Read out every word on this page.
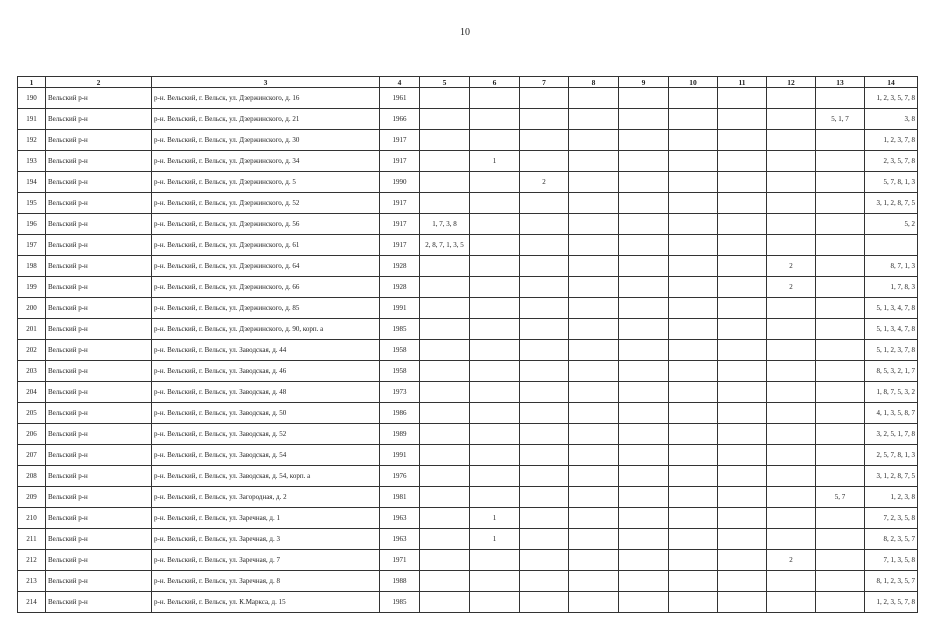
10
1	2	3	4	5	6	7	8	9	10	11	12	13	14
190	Вельский р-н	р-н. Вельский, г. Вельск, ул. Дзержинского, д. 16	1961										1, 2, 3, 5, 7, 8
191	Вельский р-н	р-н. Вельский, г. Вельск, ул. Дзержинского, д. 21	1966									5, 1, 7	3, 8
192	Вельский р-н	р-н. Вельский, г. Вельск, ул. Дзержинского, д. 30	1917										1, 2, 3, 7, 8
193	Вельский р-н	р-н. Вельский, г. Вельск, ул. Дзержинского, д. 34	1917		1								2, 3, 5, 7, 8
194	Вельский р-н	р-н. Вельский, г. Вельск, ул. Дзержинского, д. 5	1990			2							5, 7, 8, 1, 3
195	Вельский р-н	р-н. Вельский, г. Вельск, ул. Дзержинского, д. 52	1917										3, 1, 2, 8, 7, 5
196	Вельский р-н	р-н. Вельский, г. Вельск, ул. Дзержинского, д. 56	1917	1, 7, 3, 8									5, 2
197	Вельский р-н	р-н. Вельский, г. Вельск, ул. Дзержинского, д. 61	1917	2, 8, 7, 1, 3, 5									
198	Вельский р-н	р-н. Вельский, г. Вельск, ул. Дзержинского, д. 64	1928								2		8, 7, 1, 3
199	Вельский р-н	р-н. Вельский, г. Вельск, ул. Дзержинского, д. 66	1928								2		1, 7, 8, 3
200	Вельский р-н	р-н. Вельский, г. Вельск, ул. Дзержинского, д. 85	1991										5, 1, 3, 4, 7, 8
201	Вельский р-н	р-н. Вельский, г. Вельск, ул. Дзержинского, д. 90, корп. а	1985										5, 1, 3, 4, 7, 8
202	Вельский р-н	р-н. Вельский, г. Вельск, ул. Заводская, д. 44	1958										5, 1, 2, 3, 7, 8
203	Вельский р-н	р-н. Вельский, г. Вельск, ул. Заводская, д. 46	1958										8, 5, 3, 2, 1, 7
204	Вельский р-н	р-н. Вельский, г. Вельск, ул. Заводская, д. 48	1973										1, 8, 7, 5, 3, 2
205	Вельский р-н	р-н. Вельский, г. Вельск, ул. Заводская, д. 50	1986										4, 1, 3, 5, 8, 7
206	Вельский р-н	р-н. Вельский, г. Вельск, ул. Заводская, д. 52	1989										3, 2, 5, 1, 7, 8
207	Вельский р-н	р-н. Вельский, г. Вельск, ул. Заводская, д. 54	1991										2, 5, 7, 8, 1, 3
208	Вельский р-н	р-н. Вельский, г. Вельск, ул. Заводская, д. 54, корп. а	1976										3, 1, 2, 8, 7, 5
209	Вельский р-н	р-н. Вельский, г. Вельск, ул. Загородная, д. 2	1981									5, 7	1, 2, 3, 8
210	Вельский р-н	р-н. Вельский, г. Вельск, ул. Заречная, д. 1	1963		1								7, 2, 3, 5, 8
211	Вельский р-н	р-н. Вельский, г. Вельск, ул. Заречная, д. 3	1963		1								8, 2, 3, 5, 7
212	Вельский р-н	р-н. Вельский, г. Вельск, ул. Заречная, д. 7	1971								2		7, 1, 3, 5, 8
213	Вельский р-н	р-н. Вельский, г. Вельск, ул. Заречная, д. 8	1988										8, 1, 2, 3, 5, 7
214	Вельский р-н	р-н. Вельский, г. Вельск, ул. К.Маркса, д. 15	1985										1, 2, 3, 5, 7, 8
